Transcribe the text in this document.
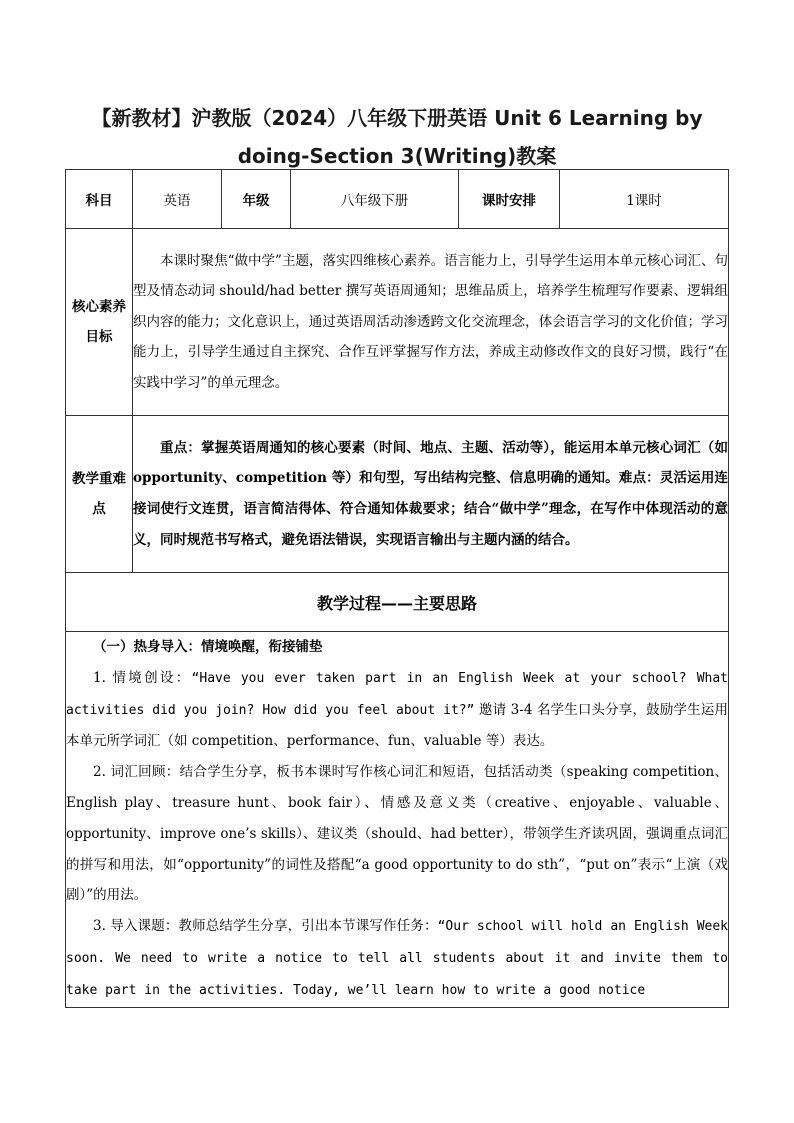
【新教材】沪教版（2024）八年级下册英语 Unit 6 Learning by
doing-Section 3(Writing)教案
科目	英语	年级	八年级下册	课时安排	1课时
核心素养目标	本课时聚焦“做中学”主题，落实四维核心素养。语言能力上，引导学生运用本单元核心词汇、句型及情态动词 should/had better 撰写英语周通知；思维品质上，培养学生梳理写作要素、逻辑组织内容的能力；文化意识上，通过英语周活动渗透跨文化交流理念，体会语言学习的文化价值；学习能力上，引导学生通过自主探究、合作互评掌握写作方法，养成主动修改作文的良好习惯，践行“在实践中学习”的单元理念。				
教学重难点	重点：掌握英语周通知的核心要素（时间、地点、主题、活动等），能运用本单元核心词汇（如 opportunity、competition 等）和句型，写出结构完整、信息明确的通知。难点：灵活运用连接词使行文连贯，语言简洁得体、符合通知体裁要求；结合“做中学”理念，在写作中体现活动的意义，同时规范书写格式，避免语法错误，实现语言输出与主题内涵的结合。				
教学过程——主要思路					

（一）热身导入：情境唤醒，衔接铺垫

1. 情境创设：“Have you ever taken part in an English Week at your school? What activities did you join? How did you feel about it?” 邀请 3-4 名学生口头分享，鼓励学生运用本单元所学词汇（如 competition、performance、fun、valuable 等）表达。

2. 词汇回顾：结合学生分享，板书本课时写作核心词汇和短语，包括活动类（speaking competition、English play、treasure hunt、book fair）、情感及意义类（creative、enjoyable、valuable、opportunity、improve one’s skills）、建议类（should、had better），带领学生齐读巩固，强调重点词汇的拼写和用法，如“opportunity”的词性及搭配“a good opportunity to do sth”，“put on”表示“上演（戏剧）”的用法。

3. 导入课题：教师总结学生分享，引出本节课写作任务：“Our school will hold an English Week soon. We need to write a notice to tell all students about it and invite them to take part in the activities. Today, we’ll learn how to write a good notice					
